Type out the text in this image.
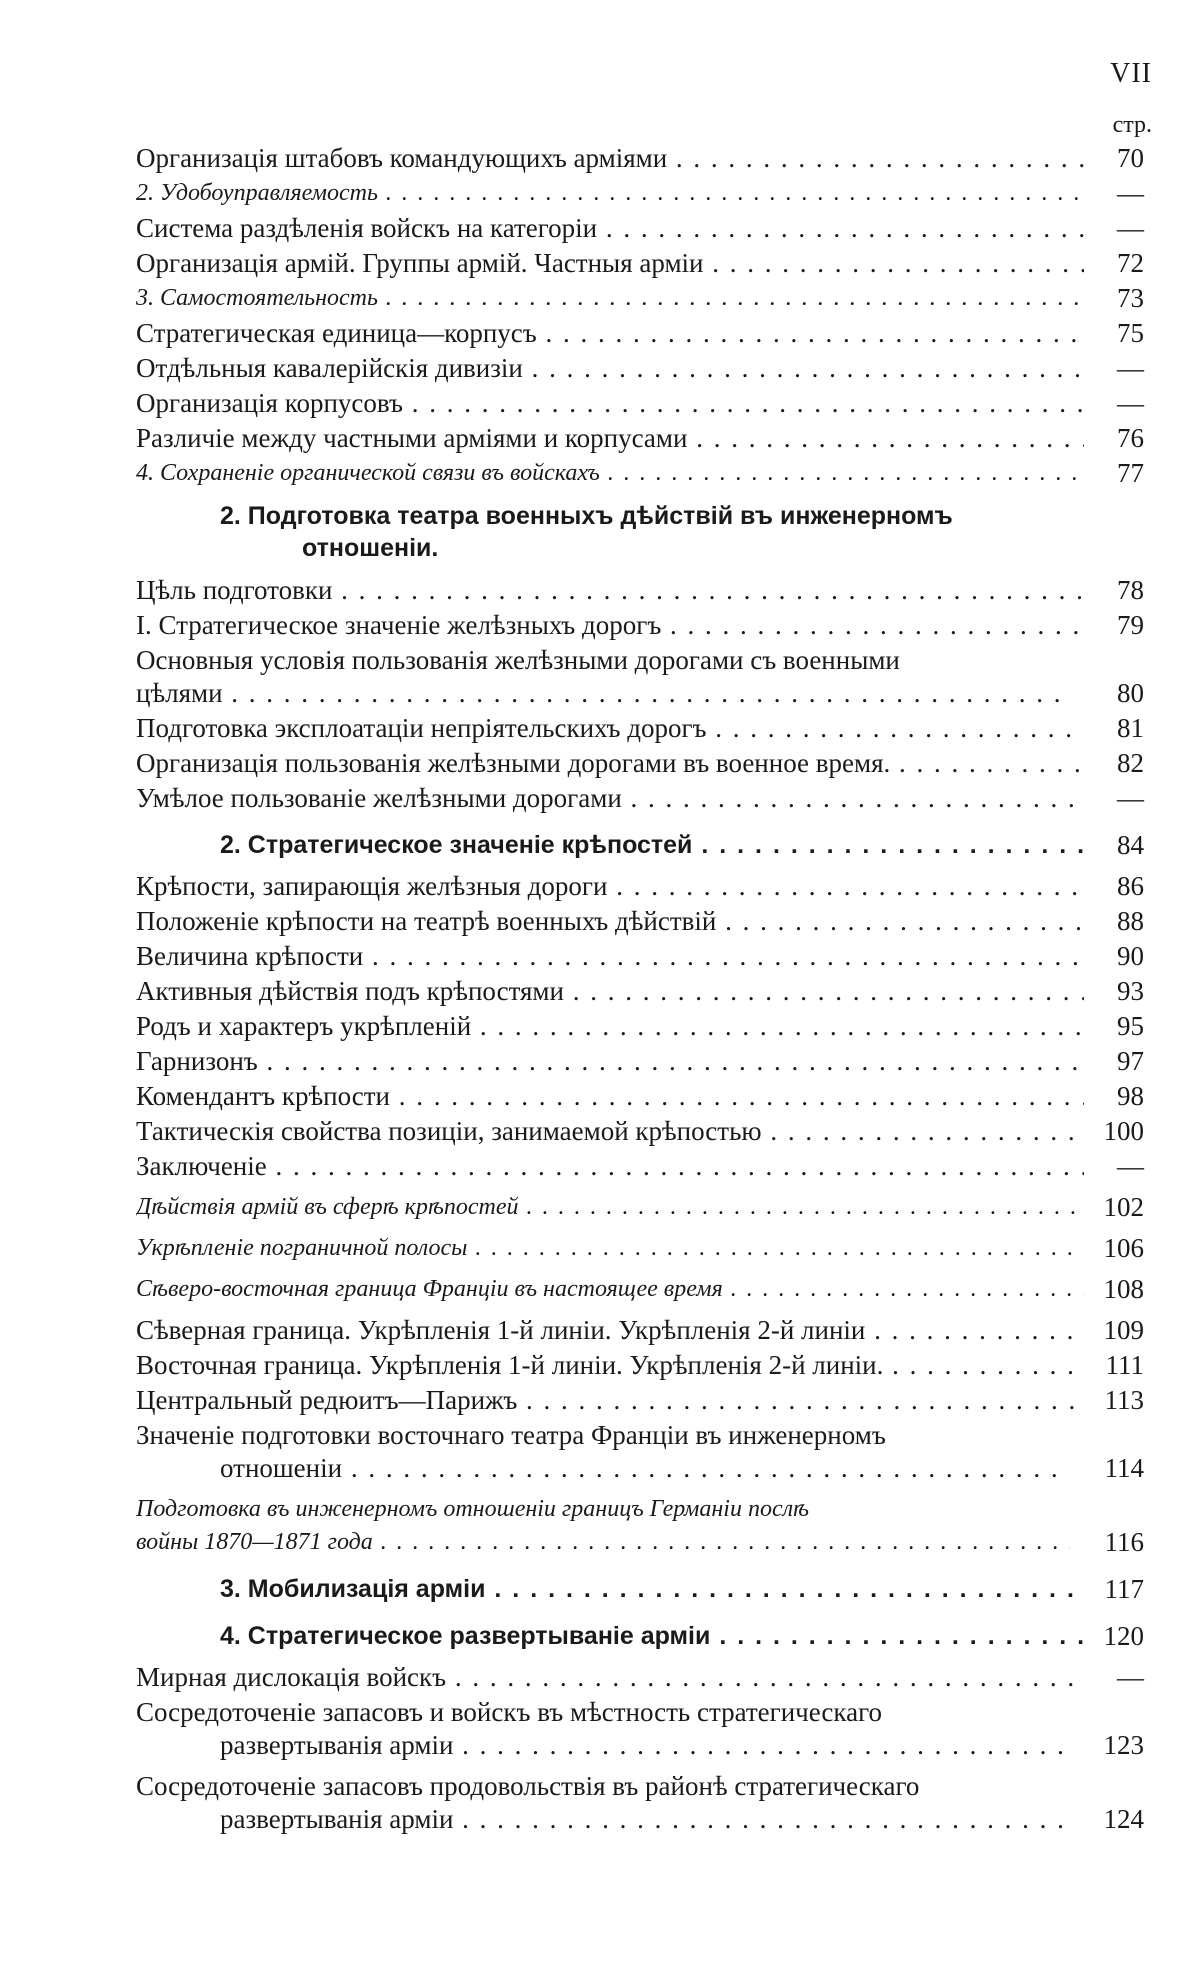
VII
стр.
Организація штабовъ командующихъ арміями . . .	70
2. Удобоуправляемость . . .	—
Система раздѣленія войскъ на категоріи . . .	—
Организація армій. Группы армій. Частныя арміи . . .	72
3. Самостоятельность . . .	73
Стратегическая единица—корпусъ . . .	75
Отдѣльныя кавалерійскія дивизіи . . .	—
Организація корпусовъ . . .	—
Различіе между частными арміями и корпусами . . .	76
4. Сохраненіе органической связи въ войскахъ . . .	77
2. Подготовка театра военныхъ дѣйствій въ инженерномъ
отношеніи.
Цѣль подготовки . . .	78
I. Стратегическое значеніе желѣзныхъ дорогъ . . .	79
Основныя условія пользованія желѣзными дорогами съ военными
цѣлями . . .	80
Подготовка эксплоатаціи непріятельскихъ дорогъ . . .	81
Организація пользованія желѣзными дорогами въ военное время. . . .	82
Умѣлое пользованіе желѣзными дорогами . . .	—
2. Стратегическое значеніе крѣпостей . . .	84
Крѣпости, запирающія желѣзныя дороги . . .	86
Положеніе крѣпости на театрѣ военныхъ дѣйствій . . .	88
Величина крѣпости . . .	90
Активныя дѣйствія подъ крѣпостями . . .	93
Родъ и характеръ укрѣпленій . . .	95
Гарнизонъ . . .	97
Комендантъ крѣпости . . .	98
Тактическія свойства позиціи, занимаемой крѣпостью . . .	100
Заключеніе . . .	—
Дѣйствія армій въ сферѣ крѣпостей . . .	102
Укрѣпленіе пограничной полосы . . .	106
Сѣверо-восточная граница Франціи въ настоящее время . . .	108
Сѣверная граница. Укрѣпленія 1-й линіи. Укрѣпленія 2-й линіи . . .	109
Восточная граница. Укрѣпленія 1-й линіи. Укрѣпленія 2-й линіи. . . .	111
Центральный редюитъ—Парижъ . . .	113
Значеніе подготовки восточнаго театра Франціи въ инженерномъ
отношеніи . . .	114
Подготовка въ инженерномъ отношеніи границъ Германіи послѣ
войны 1870—1871 года . . .	116
3. Мобилизація арміи . . .	117
4. Стратегическое развертываніе арміи . . .	120
Мирная дислокація войскъ . . .	—
Сосредоточеніе запасовъ и войскъ въ мѣстность стратегическаго
развертыванія арміи . . .	123
Сосредоточеніе запасовъ продовольствія въ районѣ стратегическаго
развертыванія арміи . . .	124
